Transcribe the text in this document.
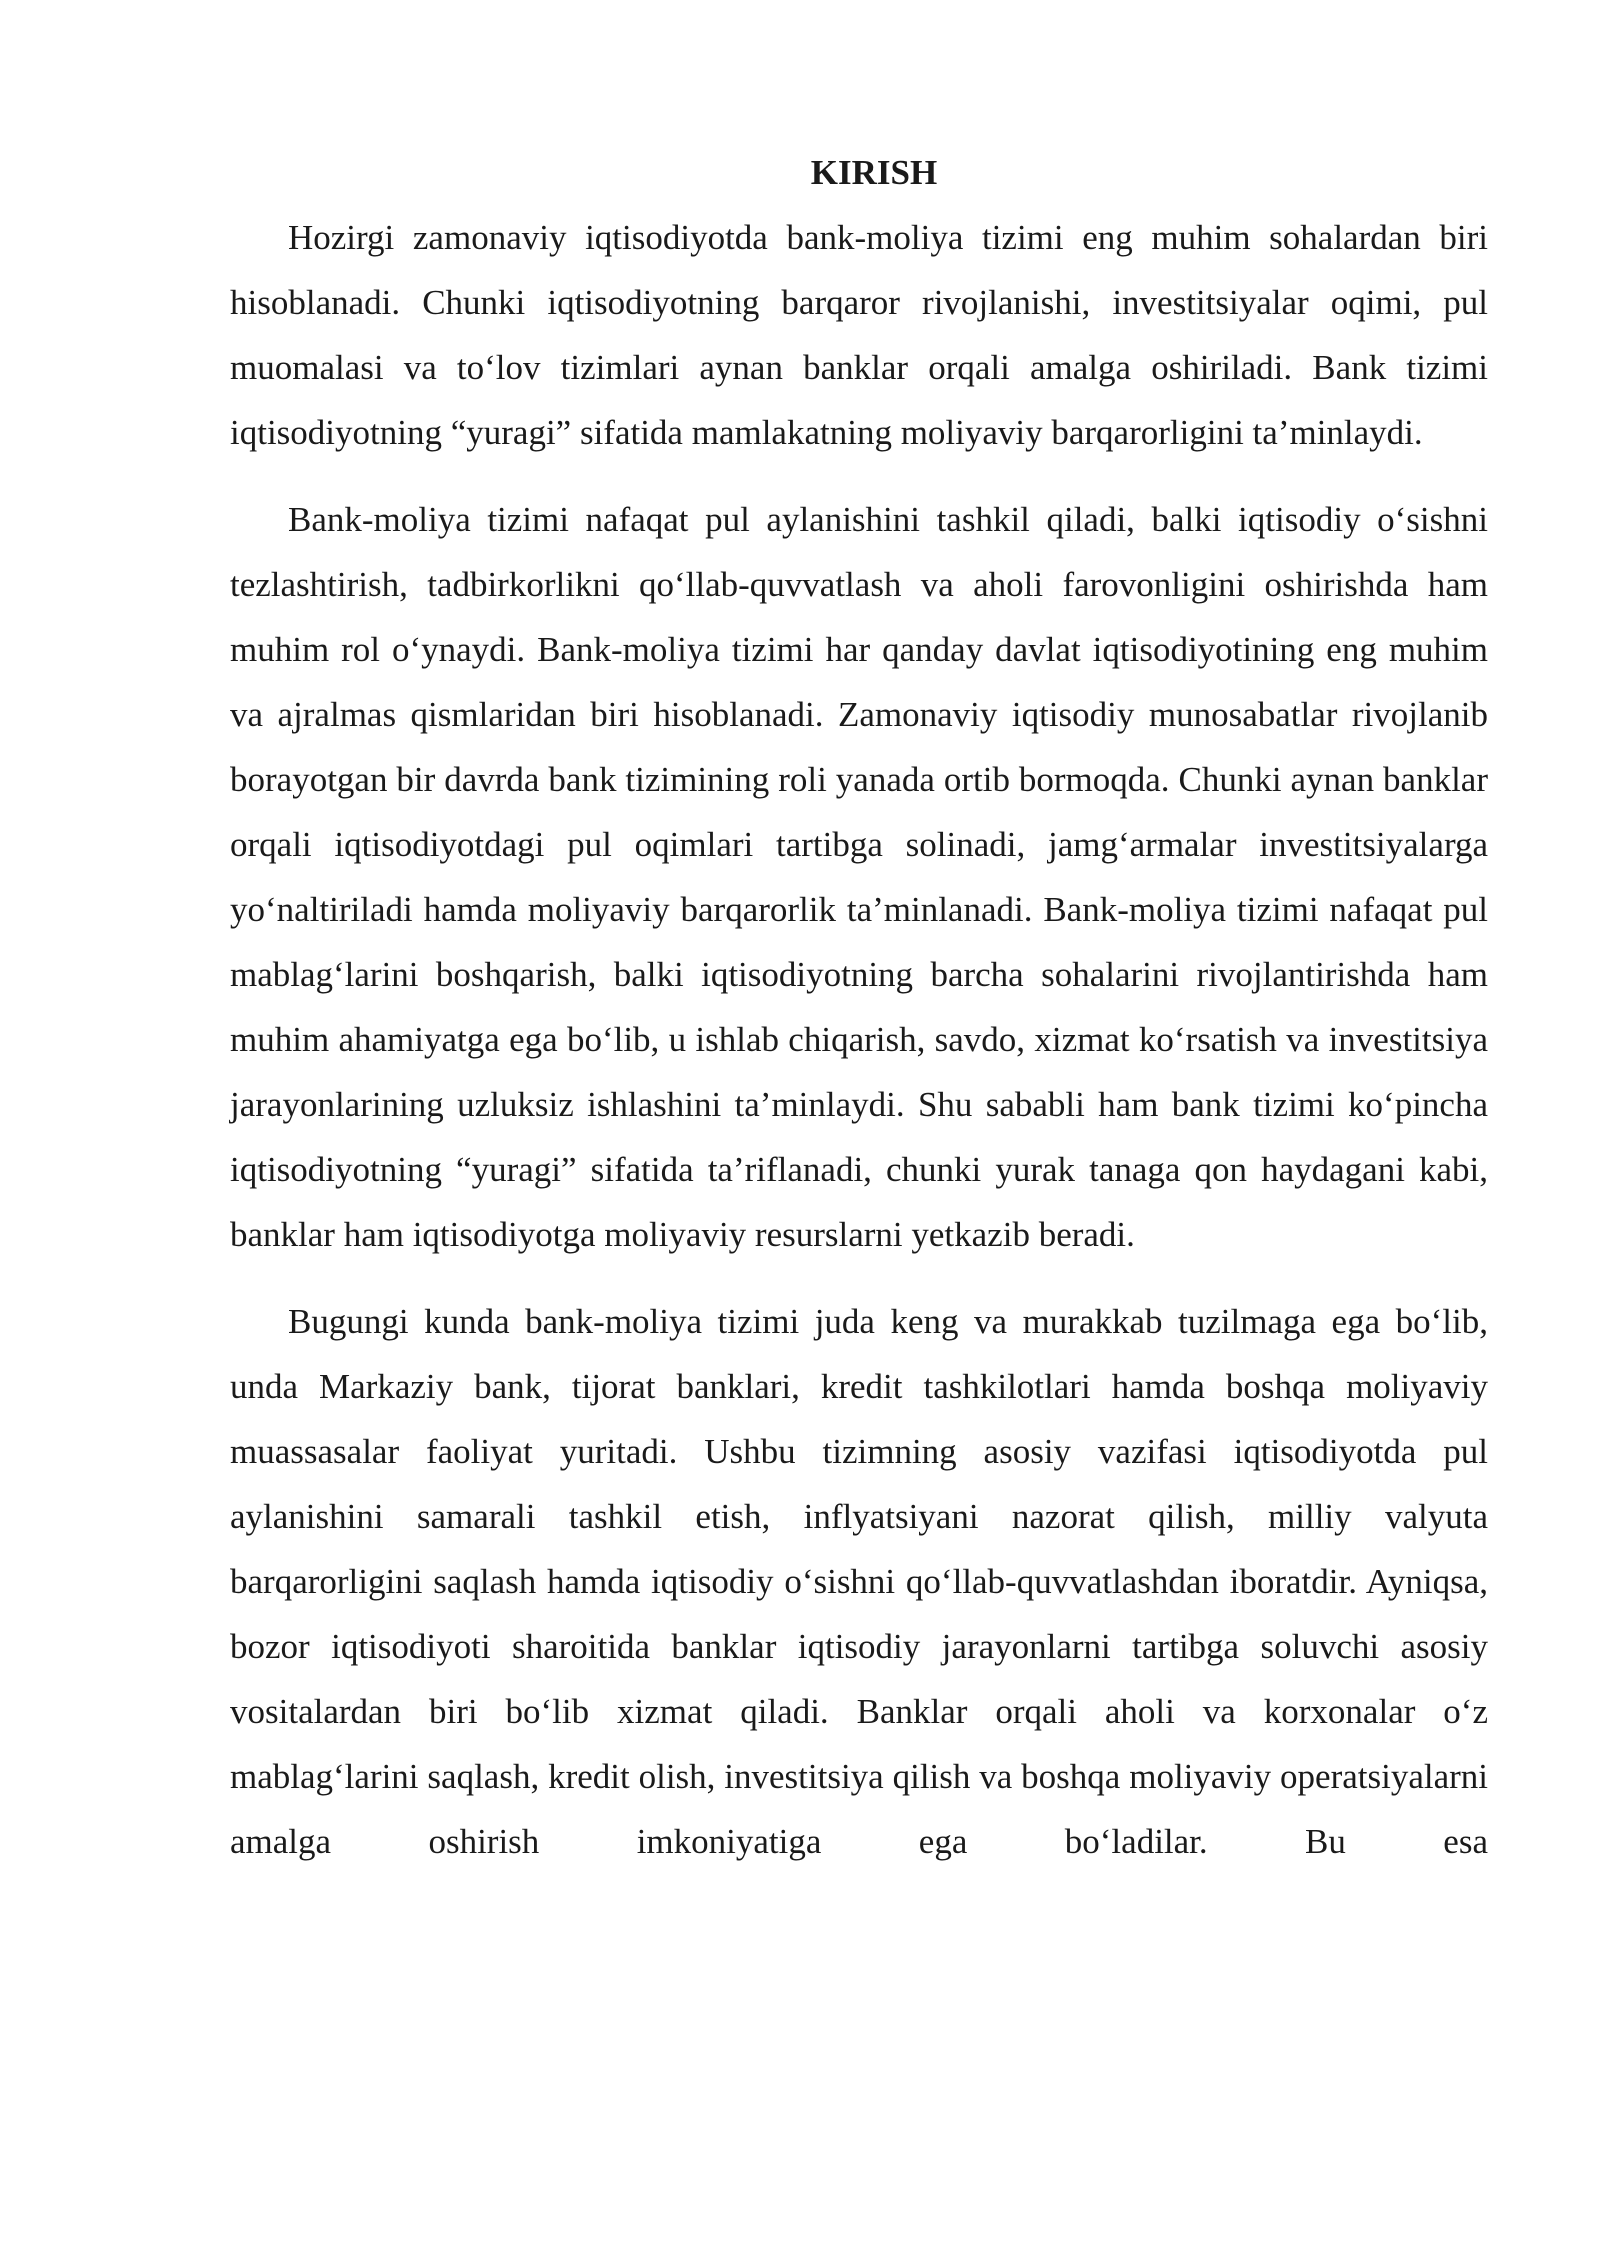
KIRISH

Hozirgi zamonaviy iqtisodiyotda bank-moliya tizimi eng muhim sohalardan biri hisoblanadi. Chunki iqtisodiyotning barqaror rivojlanishi, investitsiyalar oqimi, pul muomalasi va to‘lov tizimlari aynan banklar orqali amalga oshiriladi. Bank tizimi iqtisodiyotning “yuragi” sifatida mamlakatning moliyaviy barqarorligini ta’minlaydi.

Bank-moliya tizimi nafaqat pul aylanishini tashkil qiladi, balki iqtisodiy o‘sishni tezlashtirish, tadbirkorlikni qo‘llab-quvvatlash va aholi farovonligini oshirishda ham muhim rol o‘ynaydi. Bank-moliya tizimi har qanday davlat iqtisodiyotining eng muhim va ajralmas qismlaridan biri hisoblanadi. Zamonaviy iqtisodiy munosabatlar rivojlanib borayotgan bir davrda bank tizimining roli yanada ortib bormoqda. Chunki aynan banklar orqali iqtisodiyotdagi pul oqimlari tartibga solinadi, jamg‘armalar investitsiyalarga yo‘naltiriladi hamda moliyaviy barqarorlik ta’minlanadi. Bank-moliya tizimi nafaqat pul mablag‘larini boshqarish, balki iqtisodiyotning barcha sohalarini rivojlantirishda ham muhim ahamiyatga ega bo‘lib, u ishlab chiqarish, savdo, xizmat ko‘rsatish va investitsiya jarayonlarining uzluksiz ishlashini ta’minlaydi. Shu sababli ham bank tizimi ko‘pincha iqtisodiyotning “yuragi” sifatida ta’riflanadi, chunki yurak tanaga qon haydagani kabi, banklar ham iqtisodiyotga moliyaviy resurslarni yetkazib beradi.

Bugungi kunda bank-moliya tizimi juda keng va murakkab tuzilmaga ega bo‘lib, unda Markaziy bank, tijorat banklari, kredit tashkilotlari hamda boshqa moliyaviy muassasalar faoliyat yuritadi. Ushbu tizimning asosiy vazifasi iqtisodiyotda pul aylanishini samarali tashkil etish, inflyatsiyani nazorat qilish, milliy valyuta barqarorligini saqlash hamda iqtisodiy o‘sishni qo‘llab-quvvatlashdan iboratdir. Ayniqsa, bozor iqtisodiyoti sharoitida banklar iqtisodiy jarayonlarni tartibga soluvchi asosiy vositalardan biri bo‘lib xizmat qiladi. Banklar orqali aholi va korxonalar o‘z mablag‘larini saqlash, kredit olish, investitsiya qilish va boshqa moliyaviy operatsiyalarni amalga oshirish imkoniyatiga ega bo‘ladilar. Bu esa
